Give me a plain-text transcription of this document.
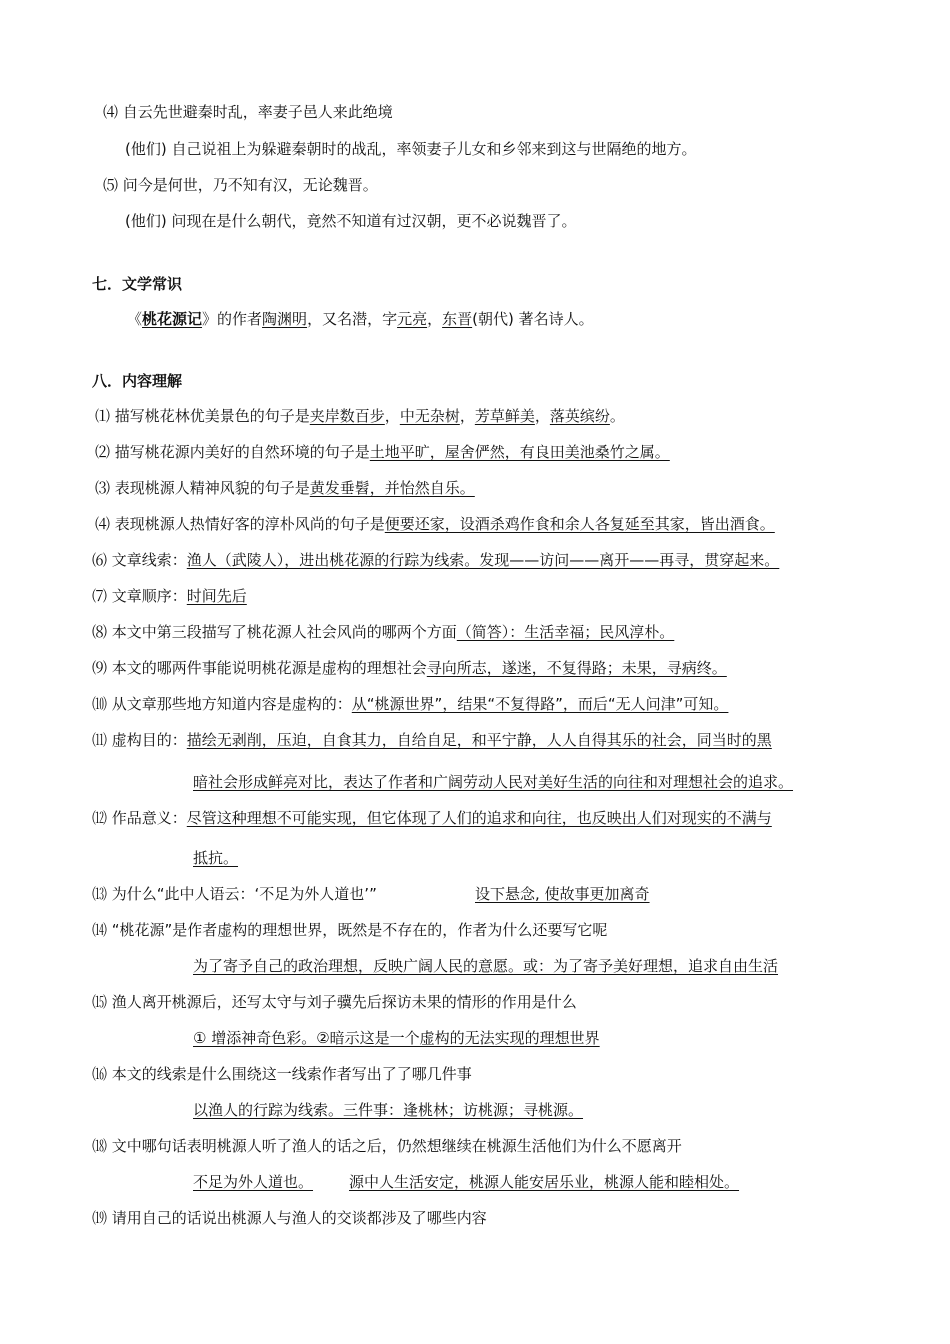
⑷ 自云先世避秦时乱，率妻子邑人来此绝境
(他们) 自己说祖上为躲避秦朝时的战乱，率领妻子儿女和乡邻来到这与世隔绝的地方。
⑸ 问今是何世，乃不知有汉，无论魏晋。
(他们) 问现在是什么朝代，竟然不知道有过汉朝，更不必说魏晋了。
七．文学常识
《桃花源记》的作者陶渊明，又名潜，字元亮，东晋(朝代) 著名诗人。
八．内容理解
⑴ 描写桃花林优美景色的句子是夹岸数百步，中无杂树，芳草鲜美，落英缤纷。
⑵ 描写桃花源内美好的自然环境的句子是土地平旷，屋舍俨然，有良田美池桑竹之属。
⑶ 表现桃源人精神风貌的句子是黄发垂髫，并怡然自乐。
⑷ 表现桃源人热情好客的淳朴风尚的句子是便要还家，设酒杀鸡作食和余人各复延至其家，皆出酒食。
⑹ 文章线索：渔人（武陵人），进出桃花源的行踪为线索。发现——访问——离开——再寻，贯穿起来。
⑺ 文章顺序：时间先后
⑻ 本文中第三段描写了桃花源人社会风尚的哪两个方面（简答）：生活幸福；民风淳朴。
⑼ 本文的哪两件事能说明桃花源是虚构的理想社会寻向所志，遂迷，不复得路；未果，寻病终。
⑽ 从文章那些地方知道内容是虚构的：从“桃源世界”，结果“不复得路”，而后“无人问津”可知。
⑾ 虚构目的：描绘无剥削，压迫，自食其力，自给自足，和平宁静，人人自得其乐的社会，同当时的黑
暗社会形成鲜亮对比，表达了作者和广阔劳动人民对美好生活的向往和对理想社会的追求。
⑿ 作品意义：尽管这种理想不可能实现，但它体现了人们的追求和向往，也反映出人们对现实的不满与
抵抗。
⒀ 为什么“此中人语云：‘不足为外人道也’”	设下悬念, 使故事更加离奇
⒁ “桃花源”是作者虚构的理想世界，既然是不存在的，作者为什么还要写它呢
为了寄予自己的政治理想，反映广阔人民的意愿。或：为了寄予美好理想，追求自由生活
⒂ 渔人离开桃源后，还写太守与刘子骥先后探访未果的情形的作用是什么
① 增添神奇色彩。②暗示这是一个虚构的无法实现的理想世界
⒃ 本文的线索是什么围绕这一线索作者写出了了哪几件事
以渔人的行踪为线索。三件事：逢桃林；访桃源；寻桃源。
⒅ 文中哪句话表明桃源人听了渔人的话之后，仍然想继续在桃源生活他们为什么不愿离开
不足为外人道也。 源中人生活安定，桃源人能安居乐业，桃源人能和睦相处。
⒆ 请用自己的话说出桃源人与渔人的交谈都涉及了哪些内容
